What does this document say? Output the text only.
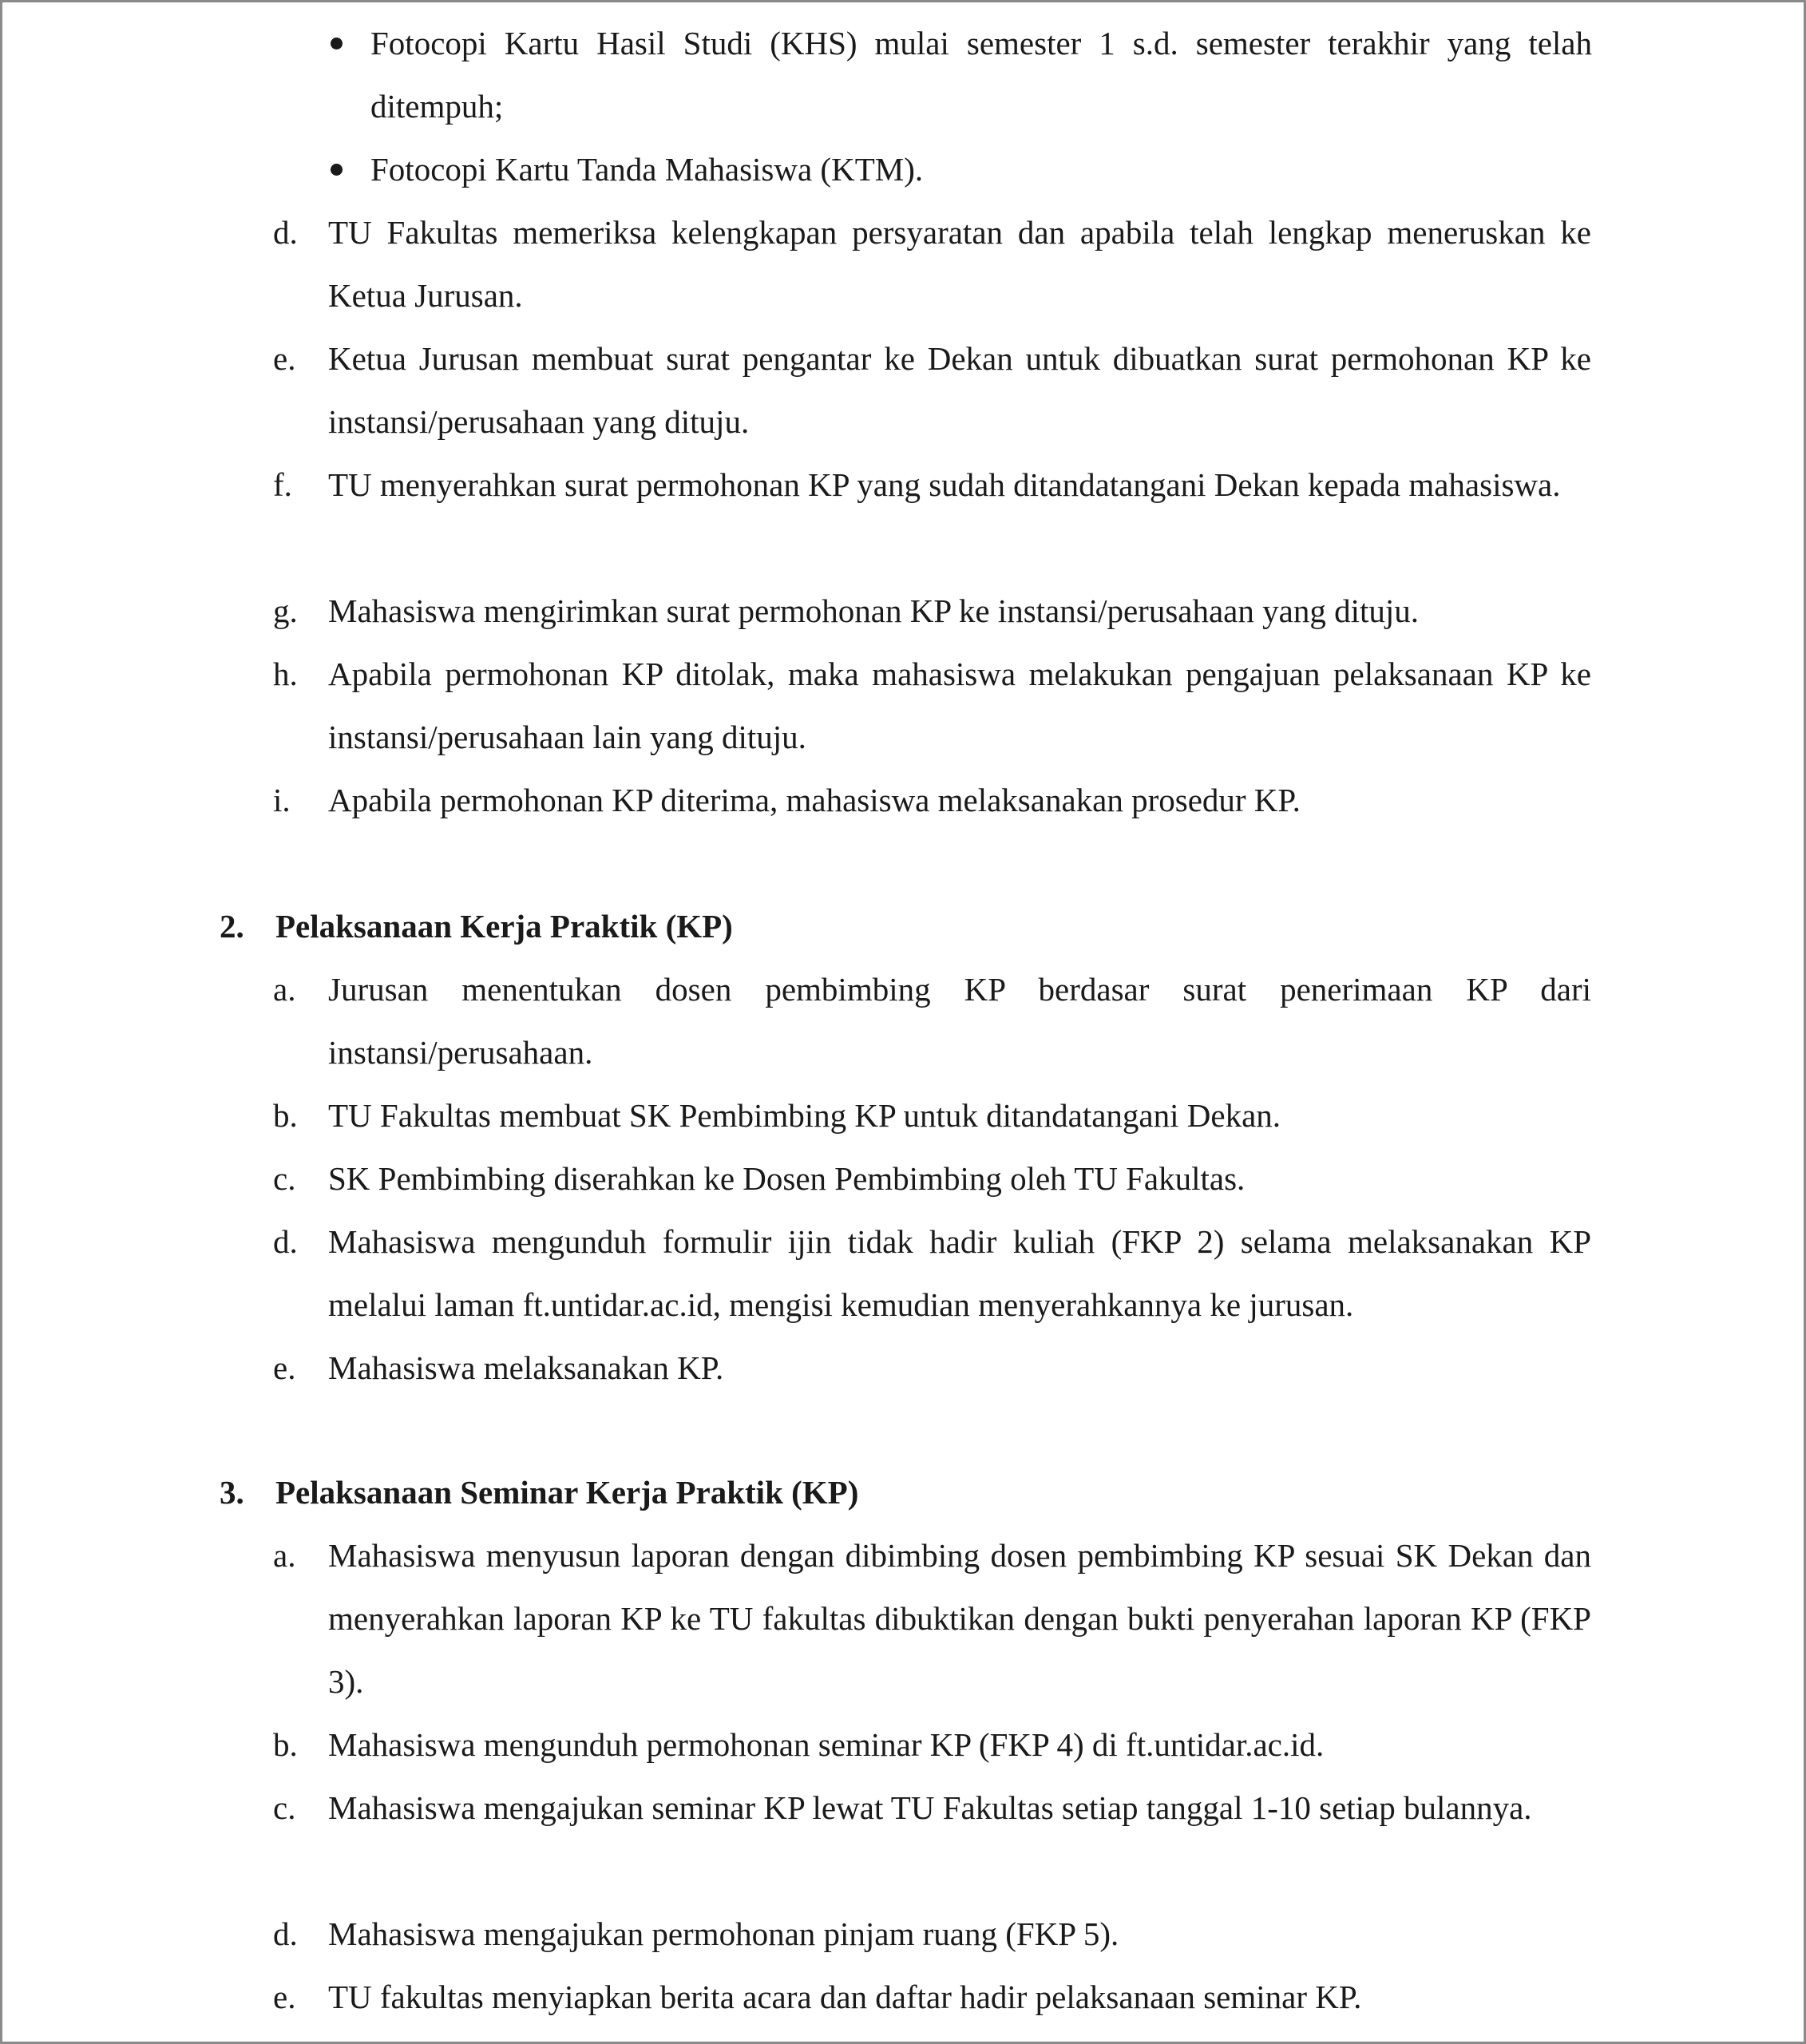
Fotocopi Kartu Hasil Studi (KHS) mulai semester 1 s.d. semester terakhir yang telah ditempuh;
Fotocopi Kartu Tanda Mahasiswa (KTM).
d. TU Fakultas memeriksa kelengkapan persyaratan dan apabila telah lengkap meneruskan ke Ketua Jurusan.
e. Ketua Jurusan membuat surat pengantar ke Dekan untuk dibuatkan surat permohonan KP ke instansi/perusahaan yang dituju.
f.	TU menyerahkan surat permohonan KP yang sudah ditandatangani Dekan kepada mahasiswa.
g. Mahasiswa mengirimkan surat permohonan KP ke instansi/perusahaan yang dituju.
h. Apabila permohonan KP ditolak, maka mahasiswa melakukan pengajuan pelaksanaan KP ke instansi/perusahaan lain yang dituju.
i.	Apabila permohonan KP diterima, mahasiswa melaksanakan prosedur KP.
2. Pelaksanaan Kerja Praktik (KP)
a. Jurusan menentukan dosen pembimbing KP berdasar surat penerimaan KP dari instansi/perusahaan.
b. TU Fakultas membuat SK Pembimbing KP untuk ditandatangani Dekan.
c. SK Pembimbing diserahkan ke Dosen Pembimbing oleh TU Fakultas.
d. Mahasiswa mengunduh formulir ijin tidak hadir kuliah (FKP 2) selama melaksanakan KP melalui laman ft.untidar.ac.id, mengisi kemudian menyerahkannya ke jurusan.
e. Mahasiswa melaksanakan KP.
3. Pelaksanaan Seminar Kerja Praktik (KP)
a. Mahasiswa menyusun laporan dengan dibimbing dosen pembimbing KP sesuai SK Dekan dan menyerahkan laporan KP ke TU fakultas dibuktikan dengan bukti penyerahan laporan KP (FKP 3).
b. Mahasiswa mengunduh permohonan seminar KP (FKP 4) di ft.untidar.ac.id.
c. Mahasiswa mengajukan seminar KP lewat TU Fakultas setiap tanggal 1-10 setiap bulannya.
d. Mahasiswa mengajukan permohonan pinjam ruang (FKP 5).
e. TU fakultas menyiapkan berita acara dan daftar hadir pelaksanaan seminar KP.
